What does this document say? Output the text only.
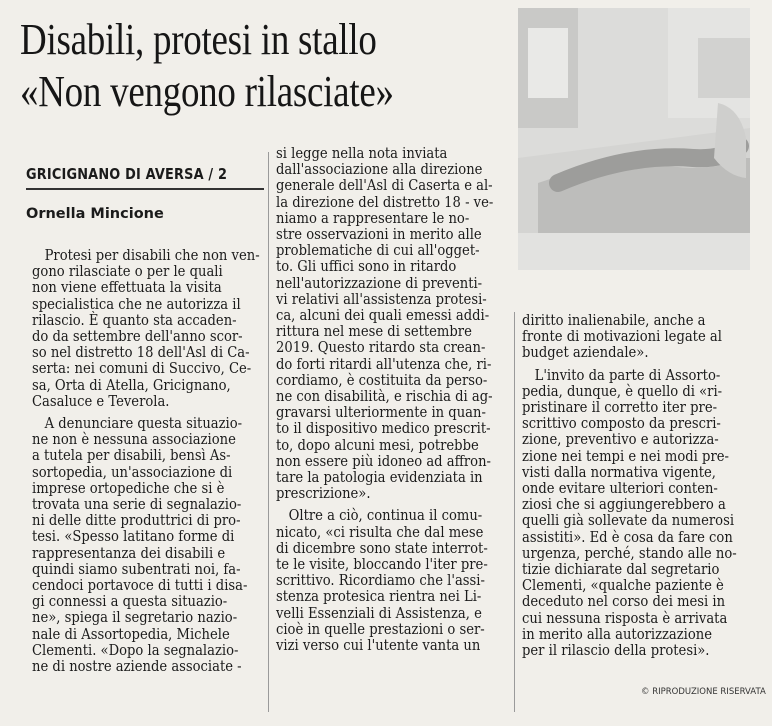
Disabili, protesi in stallo
«Non vengono rilasciate»
GRICIGNANO DI AVERSA / 2
Ornella Mincione
Protesi per disabili che non ven-
gono rilasciate o per le quali
non viene effettuata la visita
specialistica che ne autorizza il
rilascio. È quanto sta accaden-
do da settembre dell'anno scor-
so nel distretto 18 dell'Asl di Ca-
serta: nei comuni di Succivo, Ce-
sa, Orta di Atella, Gricignano,
Casaluce e Teverola.
A denunciare questa situazio-
ne non è nessuna associazione
a tutela per disabili, bensì As-
sortopedia, un'associazione di
imprese ortopediche che si è
trovata una serie di segnalazio-
ni delle ditte produttrici di pro-
tesi. «Spesso latitano forme di
rappresentanza dei disabili e
quindi siamo subentrati noi, fa-
cendoci portavoce di tutti i disa-
gi connessi a questa situazio-
ne», spiega il segretario nazio-
nale di Assortopedia, Michele
Clementi. «Dopo la segnalazio-
ne di nostre aziende associate -
si legge nella nota inviata
dall'associazione alla direzione
generale dell'Asl di Caserta e al-
la direzione del distretto 18 - ve-
niamo a rappresentare le no-
stre osservazioni in merito alle
problematiche di cui all'ogget-
to. Gli uffici sono in ritardo
nell'autorizzazione di preventi-
vi relativi all'assistenza protesi-
ca, alcuni dei quali emessi addi-
rittura nel mese di settembre
2019. Questo ritardo sta crean-
do forti ritardi all'utenza che, ri-
cordiamo, è costituita da perso-
ne con disabilità, e rischia di ag-
gravarsi ulteriormente in quan-
to il dispositivo medico prescrit-
to, dopo alcuni mesi, potrebbe
non essere più idoneo ad affron-
tare la patologia evidenziata in
prescrizione».
Oltre a ciò, continua il comu-
nicato, «ci risulta che dal mese
di dicembre sono state interrot-
te le visite, bloccando l'iter pre-
scrittivo. Ricordiamo che l'assi-
stenza protesica rientra nei Li-
velli Essenziali di Assistenza, e
cioè in quelle prestazioni o ser-
vizi verso cui l'utente vanta un
diritto inalienabile, anche a
fronte di motivazioni legate al
budget aziendale».
L'invito da parte di Assorto-
pedia, dunque, è quello di «ri-
pristinare il corretto iter pre-
scrittivo composto da prescri-
zione, preventivo e autorizza-
zione nei tempi e nei modi pre-
visti dalla normativa vigente,
onde evitare ulteriori conten-
ziosi che si aggiungerebbero a
quelli già sollevate da numerosi
assistiti». Ed è cosa da fare con
urgenza, perché, stando alle no-
tizie dichiarate dal segretario
Clementi, «qualche paziente è
deceduto nel corso dei mesi in
cui nessuna risposta è arrivata
in merito alla autorizzazione
per il rilascio della protesi».
© RIPRODUZIONE RISERVATA
